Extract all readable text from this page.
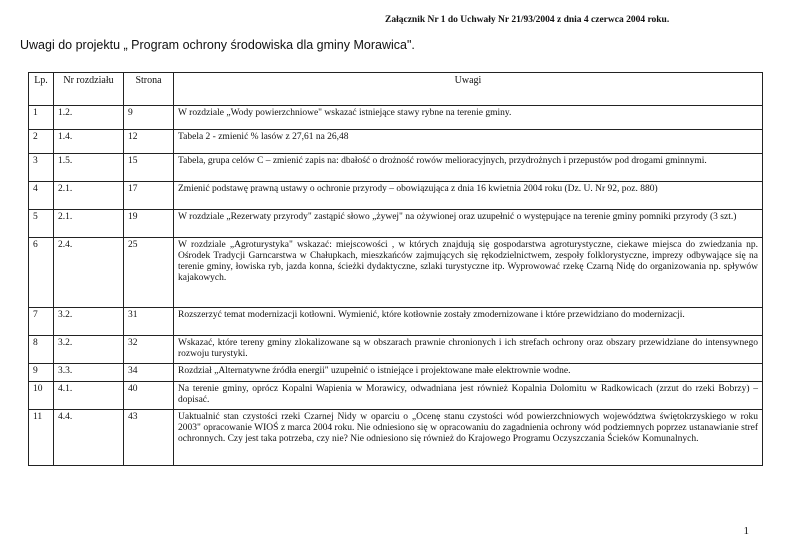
Załącznik Nr 1 do Uchwały Nr 21/93/2004 z dnia 4 czerwca 2004 roku.
Uwagi do projektu „ Program ochrony środowiska dla gminy Morawica".
Lp.	Nr rozdziału	Strona	Uwagi
1	1.2.	9	W rozdziale „Wody powierzchniowe" wskazać istniejące stawy rybne na terenie gminy.
2	1.4.	12	Tabela 2 - zmienić % lasów z 27,61 na 26,48
3	1.5.	15	Tabela, grupa celów C – zmienić zapis na: dbałość o drożność rowów melioracyjnych, przydrożnych i przepustów pod drogami gminnymi.
4	2.1.	17	Zmienić podstawę prawną ustawy o ochronie przyrody – obowiązująca z dnia 16 kwietnia 2004 roku (Dz. U. Nr 92, poz. 880)
5	2.1.	19	W rozdziale „Rezerwaty przyrody" zastąpić słowo „żywej" na ożywionej oraz uzupełnić o występujące na terenie gminy pomniki przyrody (3 szt.)
6	2.4.	25	W rozdziale „Agroturystyka" wskazać: miejscowości , w których znajdują się gospodarstwa agroturystyczne, ciekawe miejsca do zwiedzania np. Ośrodek Tradycji Garncarstwa w Chałupkach, mieszkańców zajmujących się rękodzielnictwem, zespoły folklorystyczne, imprezy odbywające się na terenie gminy, łowiska ryb, jazda konna, ścieżki dydaktyczne, szlaki turystyczne itp. Wyprowować rzekę Czarną Nidę do organizowania np. spływów kajakowych.
7	3.2.	31	Rozszerzyć temat modernizacji kotłowni. Wymienić, które kotłownie zostały zmodernizowane i które przewidziano do modernizacji.
8	3.2.	32	Wskazać, które tereny gminy zlokalizowane są w obszarach prawnie chronionych i ich strefach ochrony oraz obszary przewidziane do intensywnego rozwoju turystyki.
9	3.3.	34	Rozdział „Alternatywne źródła energii" uzupełnić o istniejące i projektowane małe elektrownie wodne.
10	4.1.	40	Na terenie gminy, oprócz Kopalni Wapienia w Morawicy, odwadniana jest również Kopalnia Dolomitu w Radkowicach (zrzut do rzeki Bobrzy) – dopisać.
11	4.4.	43	Uaktualnić stan czystości rzeki Czarnej Nidy w oparciu o „Ocenę stanu czystości wód powierzchniowych województwa świętokrzyskiego w roku 2003" opracowanie WIOŚ z marca 2004 roku. Nie odniesiono się w opracowaniu do zagadnienia ochrony wód podziemnych poprzez ustanawianie stref ochronnych. Czy jest taka potrzeba, czy nie? Nie odniesiono się również do Krajowego Programu Oczyszczania Ścieków Komunalnych.
1
